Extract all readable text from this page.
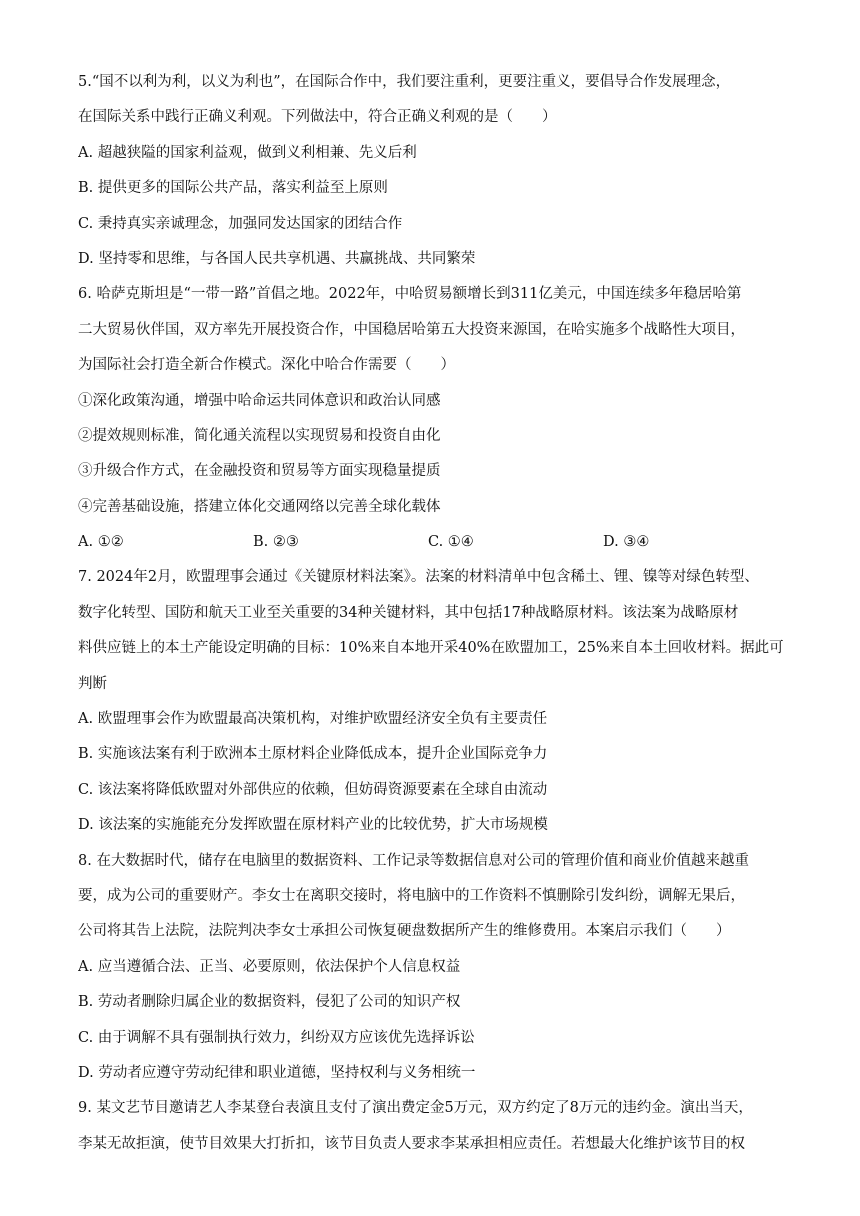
5.“国不以利为利，以义为利也”，在国际合作中，我们要注重利，更要注重义，要倡导合作发展理念，
在国际关系中践行正确义利观。下列做法中，符合正确义利观的是（　　）
A. 超越狭隘的国家利益观，做到义利相兼、先义后利
B. 提供更多的国际公共产品，落实利益至上原则
C. 秉持真实亲诚理念，加强同发达国家的团结合作
D. 坚持零和思维，与各国人民共享机遇、共赢挑战、共同繁荣
6. 哈萨克斯坦是“一带一路”首倡之地。2022年，中哈贸易额增长到311亿美元，中国连续多年稳居哈第
二大贸易伙伴国，双方率先开展投资合作，中国稳居哈第五大投资来源国，在哈实施多个战略性大项目，
为国际社会打造全新合作模式。深化中哈合作需要（　　）
①深化政策沟通，增强中哈命运共同体意识和政治认同感
②提效规则标准，简化通关流程以实现贸易和投资自由化
③升级合作方式，在金融投资和贸易等方面实现稳量提质
④完善基础设施，搭建立体化交通网络以完善全球化载体
A. ①②	B. ②③	C. ①④	D. ③④
7. 2024年2月，欧盟理事会通过《关键原材料法案》。法案的材料清单中包含稀土、锂、镍等对绿色转型、
数字化转型、国防和航天工业至关重要的34种关键材料，其中包括17种战略原材料。该法案为战略原材
料供应链上的本土产能设定明确的目标：10%来自本地开采40%在欧盟加工，25%来自本土回收材料。据此可
判断
A. 欧盟理事会作为欧盟最高决策机构，对维护欧盟经济安全负有主要责任
B. 实施该法案有利于欧洲本土原材料企业降低成本，提升企业国际竞争力
C. 该法案将降低欧盟对外部供应的依赖，但妨碍资源要素在全球自由流动
D. 该法案的实施能充分发挥欧盟在原材料产业的比较优势，扩大市场规模
8. 在大数据时代，储存在电脑里的数据资料、工作记录等数据信息对公司的管理价值和商业价值越来越重
要，成为公司的重要财产。李女士在离职交接时，将电脑中的工作资料不慎删除引发纠纷，调解无果后，
公司将其告上法院，法院判决李女士承担公司恢复硬盘数据所产生的维修费用。本案启示我们（　　）
A. 应当遵循合法、正当、必要原则，依法保护个人信息权益
B. 劳动者删除归属企业的数据资料，侵犯了公司的知识产权
C. 由于调解不具有强制执行效力，纠纷双方应该优先选择诉讼
D. 劳动者应遵守劳动纪律和职业道德，坚持权利与义务相统一
9. 某文艺节目邀请艺人李某登台表演且支付了演出费定金5万元，双方约定了8万元的违约金。演出当天，
李某无故拒演，使节目效果大打折扣，该节目负责人要求李某承担相应责任。若想最大化维护该节目的权
